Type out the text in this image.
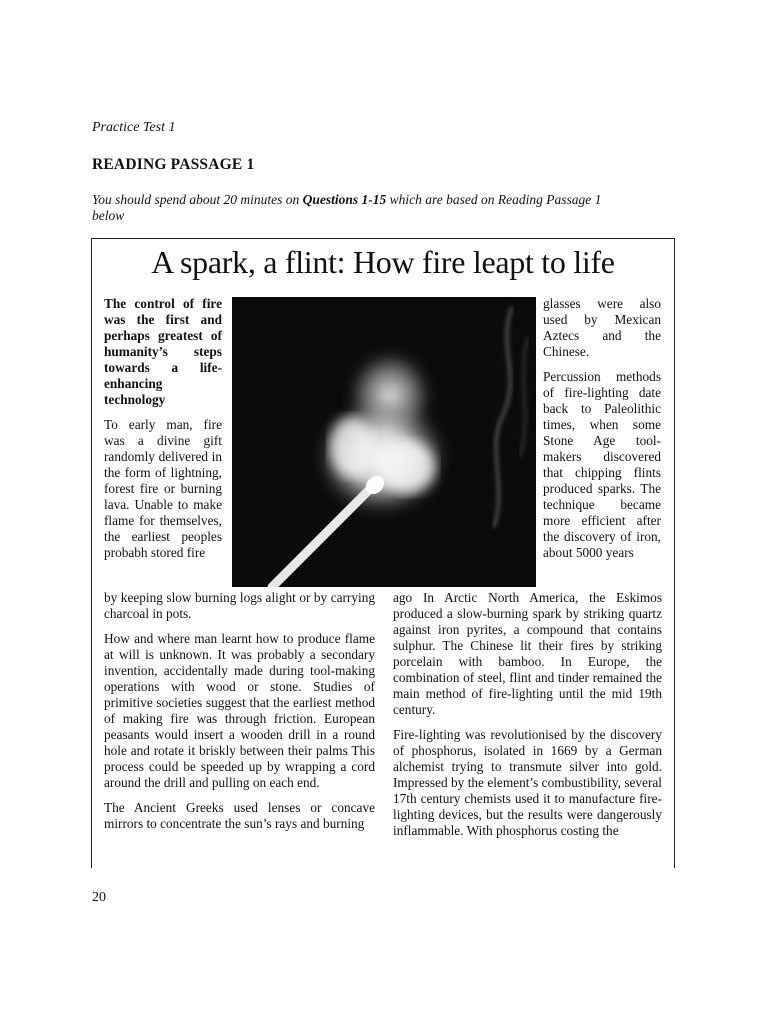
Practice Test 1
READING PASSAGE 1
You should spend about 20 minutes on Questions 1-15 which are based on Reading Passage 1 below
A spark, a flint: How fire leapt to life

The control of fire was the first and perhaps greatest of humanity’s steps towards a life-enhancing technology

To early man, fire was a divine gift randomly delivered in the form of lightning, forest fire or burning lava. Unable to make flame for themselves, the earliest peoples probabh stored fire

by keeping slow burning logs alight or by carrying charcoal in pots.

How and where man learnt how to produce flame at will is unknown. It was probably a secondary invention, accidentally made during tool-making operations with wood or stone. Studies of primitive societies suggest that the earliest method of making fire was through friction. European peasants would insert a wooden drill in a round hole and rotate it briskly between their palms This process could be speeded up by wrapping a cord around the drill and pulling on each end.

The Ancient Greeks used lenses or concave mirrors to concentrate the sun’s rays and burning

glasses were also used by Mexican Aztecs and the Chinese.

Percussion methods of fire-lighting date back to Paleolithic times, when some Stone Age tool-makers discovered that chipping flints produced sparks. The technique became more efficient after the discovery of iron, about 5000 years

ago In Arctic North America, the Eskimos produced a slow-burning spark by striking quartz against iron pyrites, a compound that contains sulphur. The Chinese lit their fires by striking porcelain with bamboo. In Europe, the combination of steel, flint and tinder remained the main method of fire-lighting until the mid 19th century.

Fire-lighting was revolutionised by the discovery of phosphorus, isolated in 1669 by a German alchemist trying to transmute silver into gold. Impressed by the element’s combustibility, several 17th century chemists used it to manufacture fire-lighting devices, but the results were dangerously inflammable. With phosphorus costing the

20
